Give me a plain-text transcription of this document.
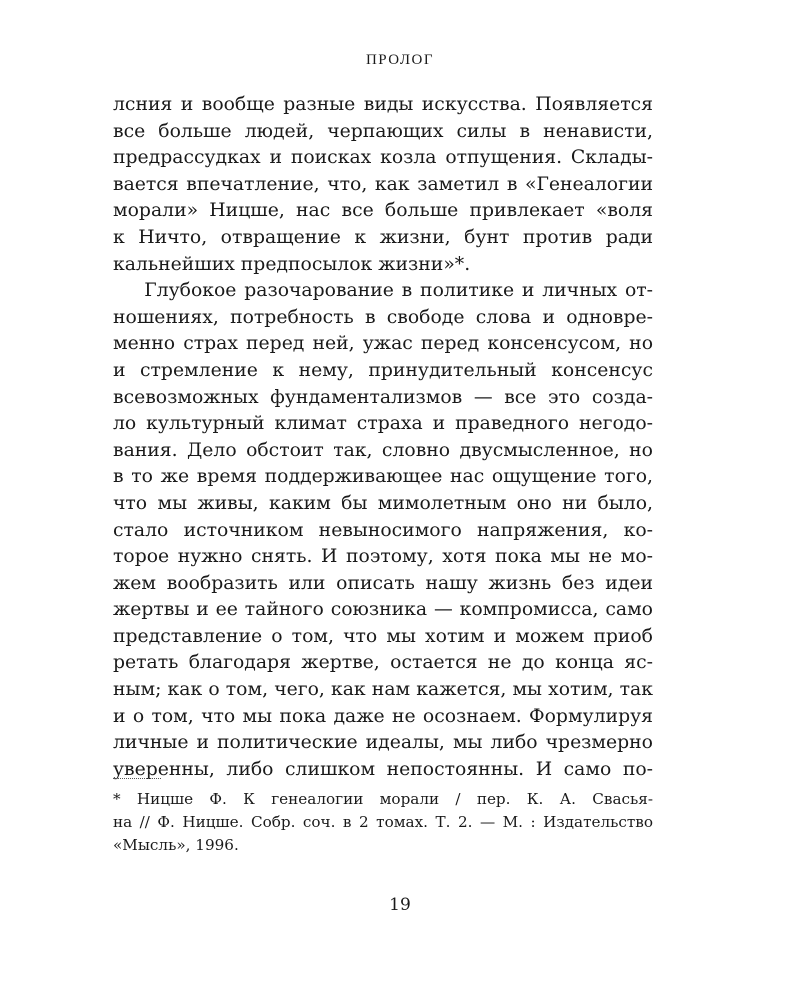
ПРОЛОГ
лсния и вообще разные виды искусства. Появляется
все больше людей, черпающих силы в ненависти,
предрассудках и поисках козла отпущения. Склады-
вается впечатление, что, как заметил в «Генеалогии
морали» Ницше, нас все больше привлекает «воля
к Ничто, отвращение к жизни, бунт против ради
кальнейших предпосылок жизни»*.
Глубокое разочарование в политике и личных от-
ношениях, потребность в свободе слова и одновре-
менно страх перед ней, ужас перед консенсусом, но
и стремление к нему, принудительный консенсус
всевозможных фундаментализмов — все это созда-
ло культурный климат страха и праведного негодо-
вания. Дело обстоит так, словно двусмысленное, но
в то же время поддерживающее нас ощущение того,
что мы живы, каким бы мимолетным оно ни было,
стало источником невыносимого напряжения, ко-
торое нужно снять. И поэтому, хотя пока мы не мо-
жем вообразить или описать нашу жизнь без идеи
жертвы и ее тайного союзника — компромисса, само
представление о том, что мы хотим и можем приоб
ретать благодаря жертве, остается не до конца яс-
ным; как о том, чего, как нам кажется, мы хотим, так
и о том, что мы пока даже не осознаем. Формулируя
личные и политические идеалы, мы либо чрезмерно
уверенны, либо слишком непостоянны. И само по-
* Ницше Ф. К генеалогии морали / пер. К. А. Свасья-
на // Ф. Ницше. Собр. соч. в 2 томах. Т. 2. — М. : Издательство
«Мысль», 1996.
19
